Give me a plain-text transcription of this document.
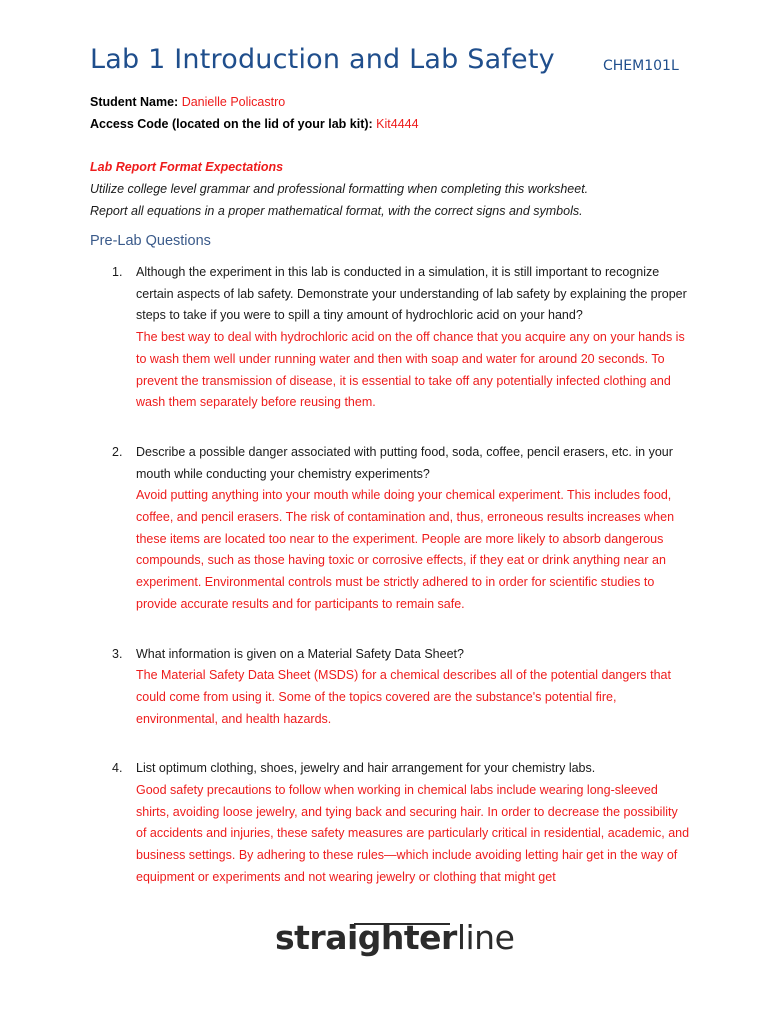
Lab 1 Introduction and Lab Safety	CHEM101L
Student Name: Danielle Policastro
Access Code (located on the lid of your lab kit): Kit4444
Lab Report Format Expectations
Utilize college level grammar and professional formatting when completing this worksheet.
Report all equations in a proper mathematical format, with the correct signs and symbols.
Pre-Lab Questions
1. Although the experiment in this lab is conducted in a simulation, it is still important to recognize certain aspects of lab safety. Demonstrate your understanding of lab safety by explaining the proper steps to take if you were to spill a tiny amount of hydrochloric acid on your hand?
The best way to deal with hydrochloric acid on the off chance that you acquire any on your hands is to wash them well under running water and then with soap and water for around 20 seconds. To prevent the transmission of disease, it is essential to take off any potentially infected clothing and wash them separately before reusing them.
2. Describe a possible danger associated with putting food, soda, coffee, pencil erasers, etc. in your mouth while conducting your chemistry experiments?
Avoid putting anything into your mouth while doing your chemical experiment. This includes food, coffee, and pencil erasers. The risk of contamination and, thus, erroneous results increases when these items are located too near to the experiment. People are more likely to absorb dangerous compounds, such as those having toxic or corrosive effects, if they eat or drink anything near an experiment. Environmental controls must be strictly adhered to in order for scientific studies to provide accurate results and for participants to remain safe.
3. What information is given on a Material Safety Data Sheet?
The Material Safety Data Sheet (MSDS) for a chemical describes all of the potential dangers that could come from using it. Some of the topics covered are the substance's potential fire, environmental, and health hazards.
4. List optimum clothing, shoes, jewelry and hair arrangement for your chemistry labs.
Good safety precautions to follow when working in chemical labs include wearing long-sleeved shirts, avoiding loose jewelry, and tying back and securing hair. In order to decrease the possibility of accidents and injuries, these safety measures are particularly critical in residential, academic, and business settings. By adhering to these rules—which include avoiding letting hair get in the way of equipment or experiments and not wearing jewelry or clothing that might get
straighterline
